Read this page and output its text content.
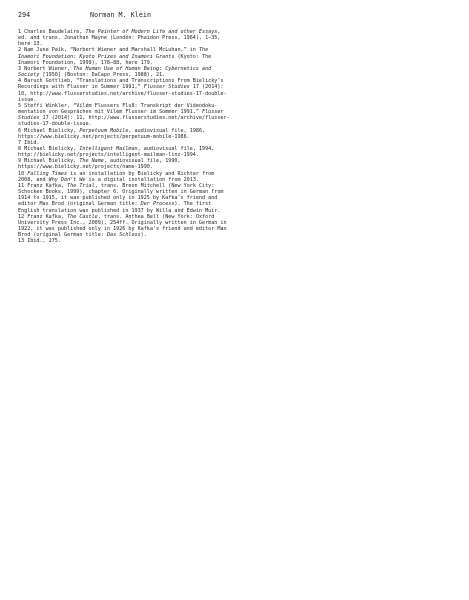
294	Norman M. Klein

1 Charles Baudelaire, The Painter of Modern Life and other Essays, ed. and trans. Jonathan Mayne (London: Phaidon Press, 1964), 1–35, here 13.

2 Nam June Paik, “Norbert Wiener and Marshall McLuhan,” in The Inamori Foundation: Kyoto Prizes and Inamori Grants (Kyoto: The Inamori Foundation, 1999), 178–88, here 179.

3 Norbert Wiener, The Human Use of Human Being: Cybernetics and Society [1950] (Boston: DaCapo Press, 1988), 21.

4 Baruch Gottlieb, “Translations and Transcriptions From Bielicky’s Recordings with Flusser in Summer 1991,” Flusser Studies 17 (2014): 10, http://www.flusserstudies.net/archive/flusser-studies-17-double-issue.

5 Steffi Winkler, “Vilém Flussers Flu8: Transkript der Videodoku-mentation von Gesprächen mit Vilém Flusser im Sommer 1991,” Flusser Studies 17 (2014): 11, http://www.flusserstudies.net/archive/flusser-studies-17-double-issue.

6 Michael Bielicky, Perpetuum Mobile, audiovisual file, 1986, https://www.bielicky.net/projects/perpetuum-mobile-1986.

7 Ibid.

8 Michael Bielicky, Intelligent Mailman, audiovisual file, 1994, http://bielicky.net/projects/intelligent-mailman-linz-1994.

9 Michael Bielicky, The Name, audiovisual file, 1990, https://www.bielicky.net/projects/name-1990.

10 Falling Times is an installation by Bielicky and Richter from 2008, and Why Don’t We is a digital installation from 2013.

11 Franz Kafka, The Trial, trans. Breon Mitchell (New York City: Schocken Books, 1999), chapter 6. Originally written in German from 1914 to 1915, it was published only in 1925 by Kafka’s friend and editor Max Brod (original German title: Der Process). The first English translation was published in 1937 by Willa and Edwin Muir.

12 Franz Kafka, The Castle, trans. Anthea Bell (New York: Oxford University Press Inc., 2009), 254ff. Originally written in German in 1922, it was published only in 1926 by Kafka’s friend and editor Max Brod (original German title: Das Schloss).

13 Ibid., 275.
